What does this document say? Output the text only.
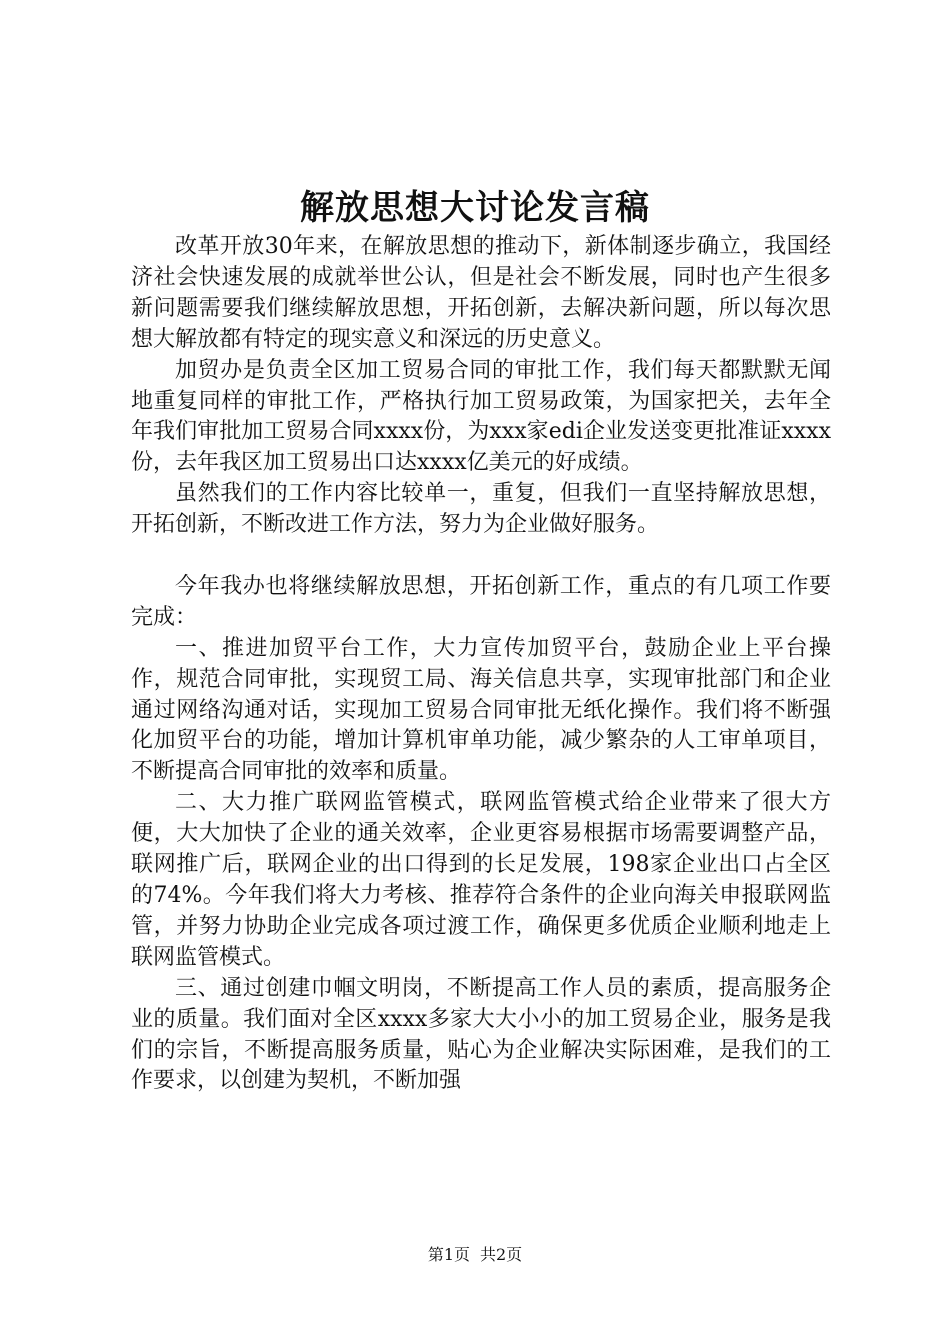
解放思想大讨论发言稿

改革开放30年来，在解放思想的推动下，新体制逐步确立，我国经济社会快速发展的成就举世公认，但是社会不断发展，同时也产生很多新问题需要我们继续解放思想，开拓创新，去解决新问题，所以每次思想大解放都有特定的现实意义和深远的历史意义。

加贸办是负责全区加工贸易合同的审批工作，我们每天都默默无闻地重复同样的审批工作，严格执行加工贸易政策，为国家把关，去年全年我们审批加工贸易合同xxxx份，为xxx家edi企业发送变更批准证xxxx份，去年我区加工贸易出口达xxxx亿美元的好成绩。

虽然我们的工作内容比较单一，重复，但我们一直坚持解放思想，开拓创新，不断改进工作方法，努力为企业做好服务。

今年我办也将继续解放思想，开拓创新工作，重点的有几项工作要完成：

一、推进加贸平台工作，大力宣传加贸平台，鼓励企业上平台操作，规范合同审批，实现贸工局、海关信息共享，实现审批部门和企业通过网络沟通对话，实现加工贸易合同审批无纸化操作。我们将不断强化加贸平台的功能，增加计算机审单功能，减少繁杂的人工审单项目，不断提高合同审批的效率和质量。

二、大力推广联网监管模式，联网监管模式给企业带来了很大方便，大大加快了企业的通关效率，企业更容易根据市场需要调整产品，联网推广后，联网企业的出口得到的长足发展，198家企业出口占全区的74%。今年我们将大力考核、推荐符合条件的企业向海关申报联网监管，并努力协助企业完成各项过渡工作，确保更多优质企业顺利地走上联网监管模式。

三、通过创建巾帼文明岗，不断提高工作人员的素质，提高服务企业的质量。我们面对全区xxxx多家大大小小的加工贸易企业，服务是我们的宗旨，不断提高服务质量，贴心为企业解决实际困难，是我们的工作要求，以创建为契机，不断加强

第1页 共2页
